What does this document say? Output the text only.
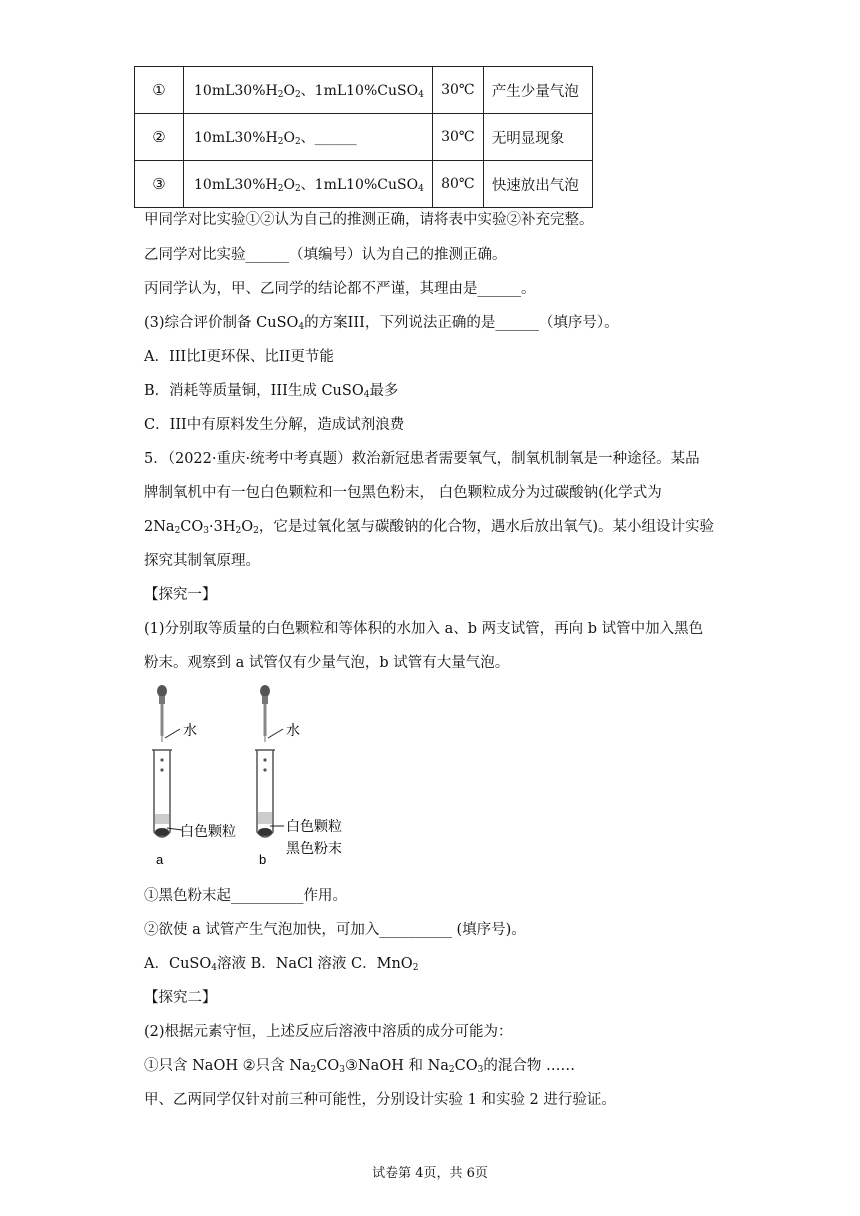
①	$10mL30\%H_2O_2$、1mL10%CuSO$_4$	30℃	产生少量气泡
②	$10mL30\%H_2O_2$、______	30℃	无明显现象
③	$10mL30\%H_2O_2$、1mL10%CuSO$_4$	80℃	快速放出气泡
甲同学对比实验①②认为自己的推测正确，请将表中实验②补充完整。
乙同学对比实验______（填编号）认为自己的推测正确。
丙同学认为，甲、乙同学的结论都不严谨，其理由是______。
(3)综合评价制备 CuSO$_4$的方案III，下列说法正确的是______（填序号）。
A．III比I更环保、比II更节能
B．消耗等质量铜，III生成 CuSO$_4$最多
C．III中有原料发生分解，造成试剂浪费
5．（2022·重庆·统考中考真题）救治新冠患者需要氧气，制氧机制氧是一种途径。某品
牌制氧机中有一包白色颗粒和一包黑色粉末， 白色颗粒成分为过碳酸钠(化学式为
$2Na_2CO_3\cdot 3H_2O_2$，它是过氧化氢与碳酸钠的化合物，遇水后放出氧气)。某小组设计实验
探究其制氧原理。
【探究一】
(1)分别取等质量的白色颗粒和等体积的水加入 a、b 两支试管，再向 b 试管中加入黑色
粉末。观察到 a 试管仅有少量气泡，b 试管有大量气泡。
水
白色颗粒
a
水
白色颗粒
黑色粉末
b
①黑色粉末起__________作用。
②欲使 a 试管产生气泡加快，可加入__________ (填序号)。
A．CuSO$_4$溶液 B．NaCl 溶液 C．MnO$_2$
【探究二】
(2)根据元素守恒，上述反应后溶液中溶质的成分可能为：
①只含 NaOH ②只含 $Na_2CO_3③NaOH$ 和 $Na_2CO_3$的混合物 ……
甲、乙两同学仅针对前三种可能性，分别设计实验 1 和实验 2 进行验证。
试卷第 4页，共 6页
